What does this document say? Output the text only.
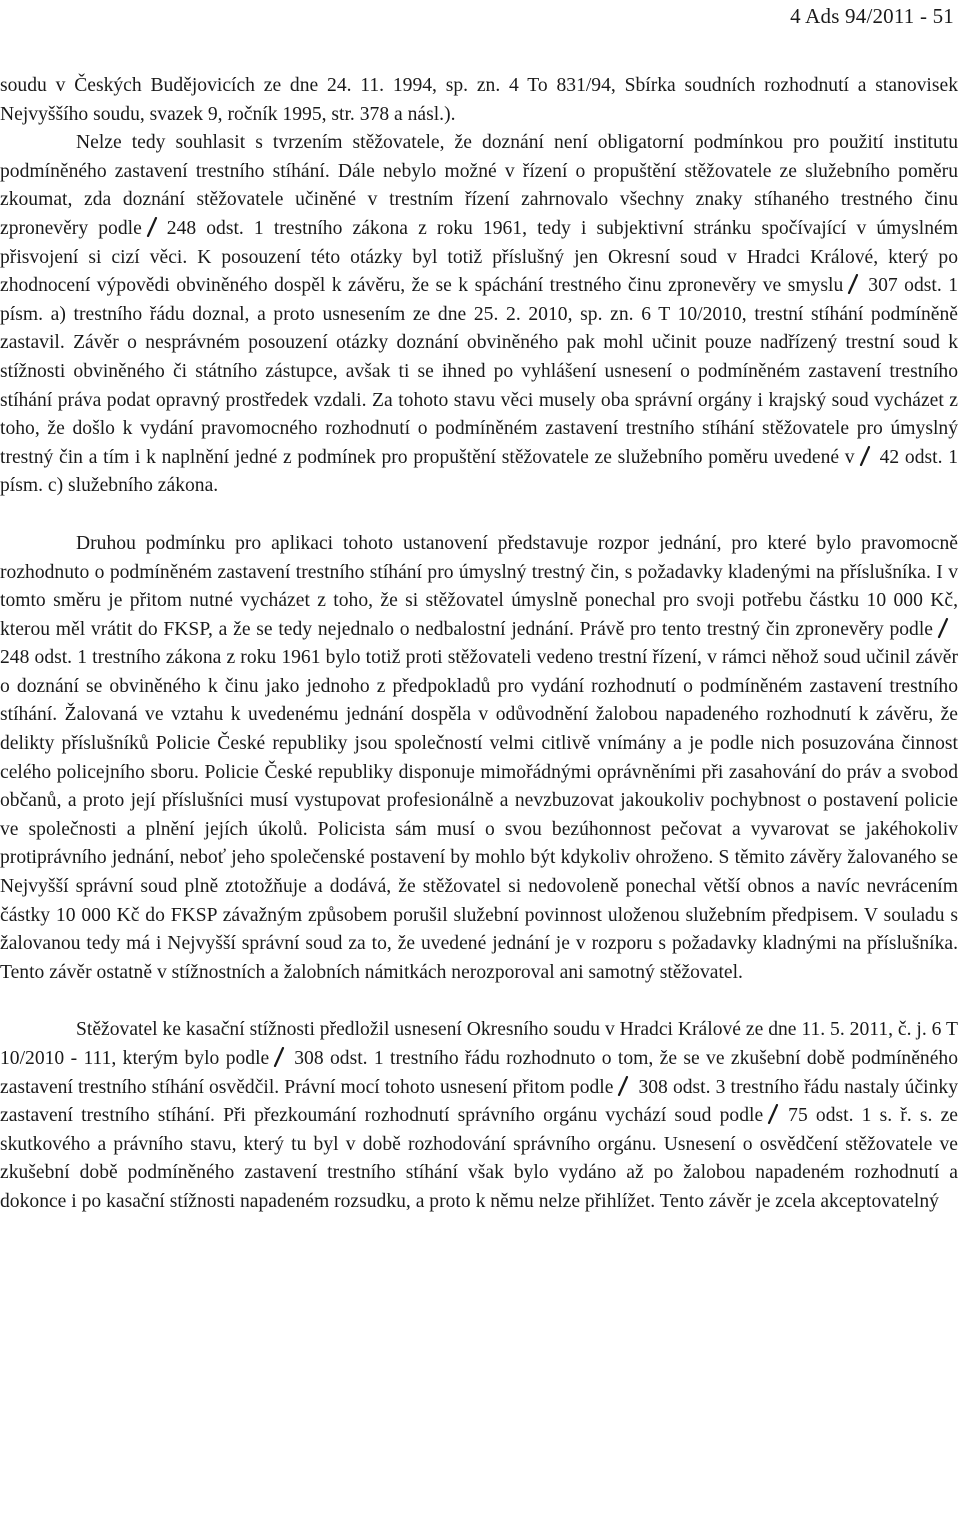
4 Ads 94/2011 - 51

soudu v Českých Budějovicích ze dne 24. 11. 1994, sp. zn. 4 To 831/94, Sbírka soudních rozhodnutí a stanovisek Nejvyššího soudu, svazek 9, ročník 1995, str. 378 a násl.).

Nelze tedy souhlasit s tvrzením stěžovatele, že doznání není obligatorní podmínkou pro použití institutu podmíněného zastavení trestního stíhání. Dále nebylo možné v řízení o propuštění stěžovatele ze služebního poměru zkoumat, zda doznání stěžovatele učiněné v trestním řízení zahrnovalo všechny znaky stíhaného trestného činu zpronevěry podle 248 odst. 1 trestního zákona z roku 1961, tedy i subjektivní stránku spočívající v úmyslném přisvojení si cizí věci. K posouzení této otázky byl totiž příslušný jen Okresní soud v Hradci Králové, který po zhodnocení výpovědi obviněného dospěl k závěru, že se k spáchání trestného činu zpronevěry ve smyslu 307 odst. 1 písm. a) trestního řádu doznal, a proto usnesením ze dne 25. 2. 2010, sp. zn. 6 T 10/2010, trestní stíhání podmíněně zastavil. Závěr o nesprávném posouzení otázky doznání obviněného pak mohl učinit pouze nadřízený trestní soud k stížnosti obviněného či státního zástupce, avšak ti se ihned po vyhlášení usnesení o podmíněném zastavení trestního stíhání práva podat opravný prostředek vzdali. Za tohoto stavu věci musely oba správní orgány i krajský soud vycházet z toho, že došlo k vydání pravomocného rozhodnutí o podmíněném zastavení trestního stíhání stěžovatele pro úmyslný trestný čin a tím i k naplnění jedné z podmínek pro propuštění stěžovatele ze služebního poměru uvedené v 42 odst. 1 písm. c) služebního zákona.

Druhou podmínku pro aplikaci tohoto ustanovení představuje rozpor jednání, pro které bylo pravomocně rozhodnuto o podmíněném zastavení trestního stíhání pro úmyslný trestný čin, s požadavky kladenými na příslušníka. I v tomto směru je přitom nutné vycházet z toho, že si stěžovatel úmyslně ponechal pro svoji potřebu částku 10 000 Kč, kterou měl vrátit do FKSP, a že se tedy nejednalo o nedbalostní jednání. Právě pro tento trestný čin zpronevěry podle
248 odst. 1 trestního zákona z roku 1961 bylo totiž proti stěžovateli vedeno trestní řízení, v rámci něhož soud učinil závěr o doznání se obviněného k činu jako jednoho z předpokladů pro vydání rozhodnutí o podmíněném zastavení trestního stíhání. Žalovaná ve vztahu k uvedenému jednání dospěla v odůvodnění žalobou napadeného rozhodnutí k závěru, že delikty příslušníků Policie České republiky jsou společností velmi citlivě vnímány a je podle nich posuzována činnost celého policejního sboru. Policie České republiky disponuje mimořádnými oprávněními při zasahování do práv a svobod občanů, a proto její příslušníci musí vystupovat profesionálně a nevzbuzovat jakoukoliv pochybnost o postavení policie ve společnosti a plnění jejích úkolů. Policista sám musí o svou bezúhonnost pečovat a vyvarovat se jakéhokoliv protiprávního jednání, neboť jeho společenské postavení by mohlo být kdykoliv ohroženo. S těmito závěry žalovaného se Nejvyšší správní soud plně ztotožňuje a dodává, že stěžovatel si nedovoleně ponechal větší obnos a navíc nevrácením částky 10 000 Kč do FKSP závažným způsobem porušil služební povinnost uloženou služebním předpisem. V souladu s žalovanou tedy má i Nejvyšší správní soud za to, že uvedené jednání je v rozporu s požadavky kladnými na příslušníka. Tento závěr ostatně v stížnostních a žalobních námitkách nerozporoval ani samotný stěžovatel.

Stěžovatel ke kasační stížnosti předložil usnesení Okresního soudu v Hradci Králové ze dne 11. 5. 2011, č. j. 6 T 10/2010 - 111, kterým bylo podle 308 odst. 1 trestního řádu rozhodnuto o tom, že se ve zkušební době podmíněného zastavení trestního stíhání osvědčil. Právní mocí tohoto usnesení přitom podle 308 odst. 3 trestního řádu nastaly účinky zastavení trestního stíhání. Při přezkoumání rozhodnutí správního orgánu vychází soud podle 75 odst. 1 s. ř. s. ze skutkového a právního stavu, který tu byl v době rozhodování správního orgánu. Usnesení o osvědčení stěžovatele ve zkušební době podmíněného zastavení trestního stíhání však bylo vydáno až po žalobou napadeném rozhodnutí a dokonce i po kasační stížnosti napadeném rozsudku, a proto k němu nelze přihlížet. Tento závěr je zcela akceptovatelný
